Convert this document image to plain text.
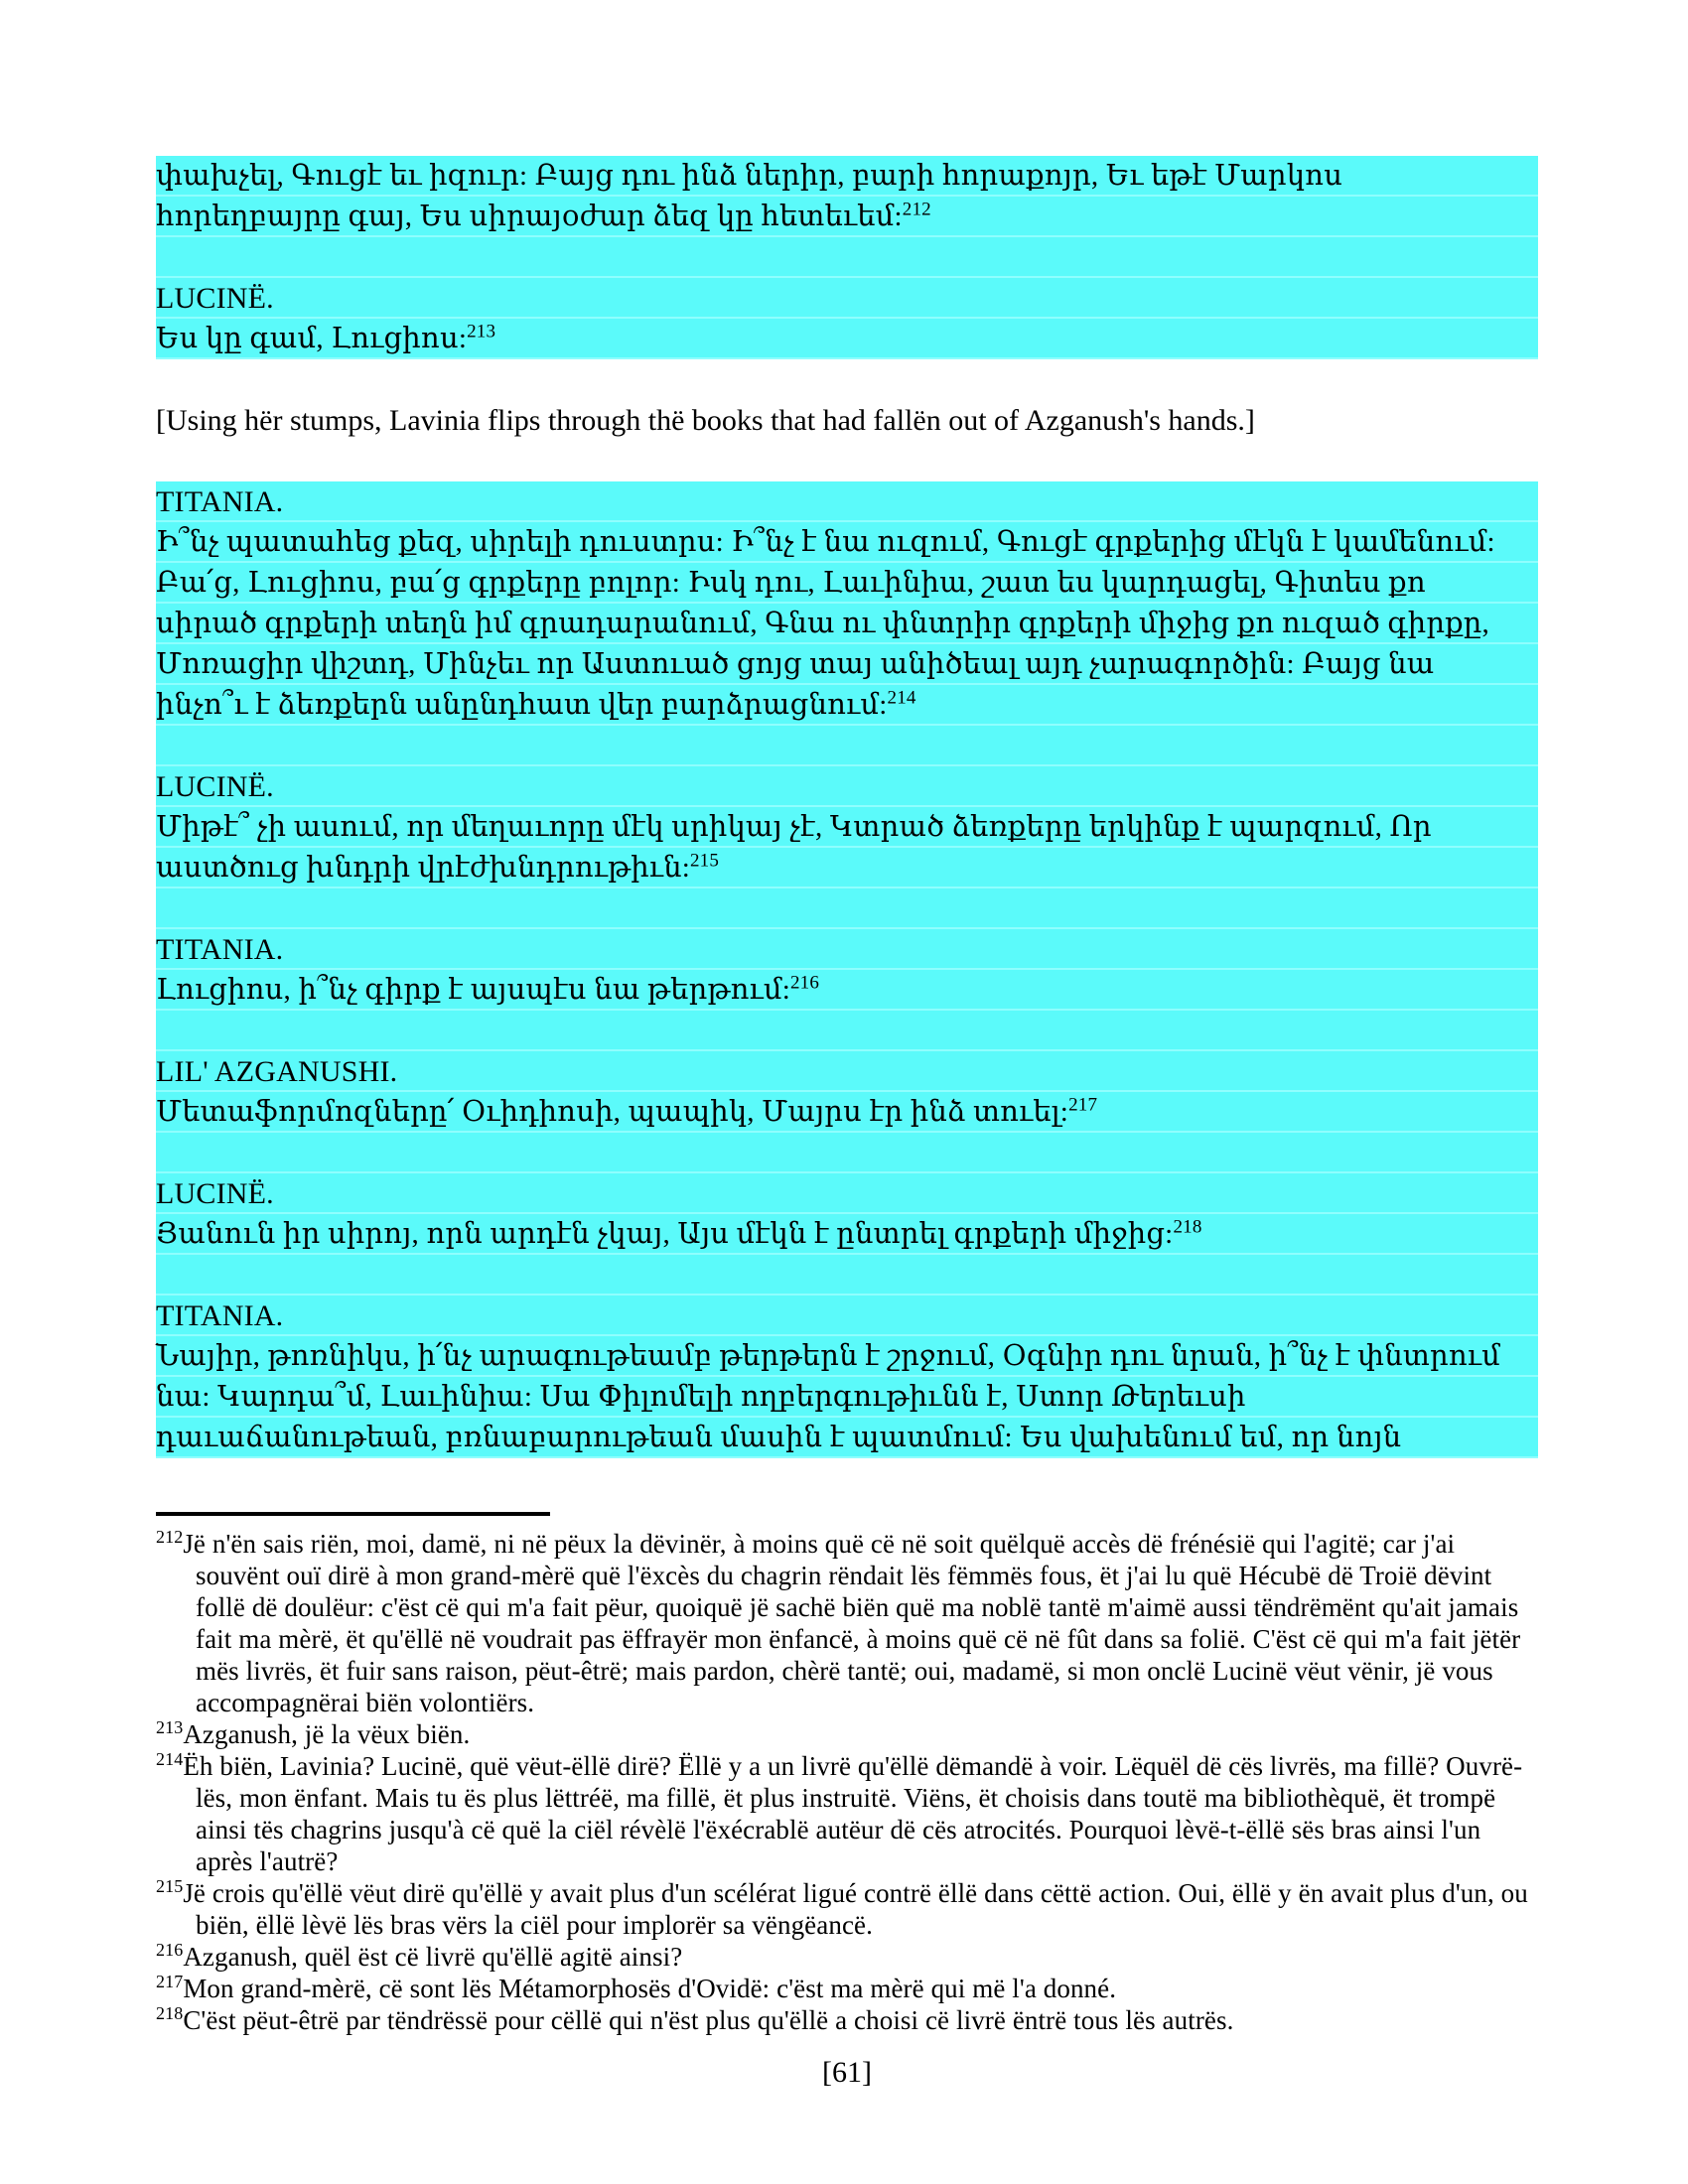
փախչել, Գուցէ եւ իզուր: Բայց դու ինձ ներիր, բարի հորաքոյր, Եւ եթէ Մարկոս
հորեղբայրը գայ, Ես սիրայօժար ձեզ կը հետեւեմ:$^{212}$
LUCINË.
Ես կը գամ, Լուցիոս:$^{213}$
[Using hër stumps, Lavinia flips through thë books that had fallën out of Azganush's hands.]
TITANIA.
Ի՞նչ պատահեց քեզ, սիրելի դուստրս: Ի՞նչ է նա ուզում, Գուցէ գրքերից մէկն է կամենում:
Բա՛ց, Լուցիոս, բա՛ց գրքերը բոլոր: Իսկ դու, Լաւինիա, շատ ես կարդացել, Գիտես քո
սիրած գրքերի տեղն իմ գրադարանում, Գնա ու փնտրիր գրքերի միջից քո ուզած գիրքը,
Մոռացիր վիշտդ, Մինչեւ որ Աստուած ցոյց տայ անիծեալ այդ չարագործին: Բայց նա
ինչո՞ւ է ձեռքերն անընդհատ վեր բարձրացնում:$^{214}$
LUCINË.
Միթէ՞ չի ասում, որ մեղաւորը մէկ սրիկայ չէ, Կտրած ձեռքերը երկինք է պարզում, Որ
աստծուց խնդրի վրէժխնդրութիւն:$^{215}$
TITANIA.
Լուցիոս, ի՞նչ գիրք է այսպէս նա թերթում:$^{216}$
LIL' AZGANUSHI.
Մետաֆորմոզները՛ Օւիդիոսի, պապիկ, Մայրս էր ինձ տուել:$^{217}$
LUCINË.
Յանուն իր սիրոյ, որն արդէն չկայ, Այս մէկն է ընտրել գրքերի միջից:$^{218}$
TITANIA.
Նայիր, թոռնիկս, ի՛նչ արագութեամբ թերթերն է շրջում, Օգնիր դու նրան, ի՞նչ է փնտրում
նա: Կարդա՞մ, Լաւինիա: Սա Փիլոմելի ողբերգութիւնն է, Ստոր Թերեւսի
դաւաճանութեան, բռնաբարութեան մասին է պատմում: Ես վախենում եմ, որ նոյն
$^{212}$Jë n'ën sais riën, moi, damë, ni në pëux la dëvinër, à moins quë cë në soit quëlquë accès dë frénésië qui l'agitë; car j'ai souvënt ouï dirë à mon grand-mèrë quë l'ëxcès du chagrin rëndait lës fëmmës fous, ët j'ai lu quë Hécubë dë Troië dëvint follë dë doulëur: c'ëst cë qui m'a fait pëur, quoiquë jë sachë biën quë ma noblë tantë m'aimë aussi tëndrëmënt qu'ait jamais fait ma mèrë, ët qu'ëllë në voudrait pas ëffrayër mon ënfancë, à moins quë cë në fût dans sa folië. C'ëst cë qui m'a fait jëtër mës livrës, ët fuir sans raison, pëut-êtrë; mais pardon, chèrë tantë; oui, madamë, si mon onclë Lucinë vëut vënir, jë vous accompagnërai biën volontiërs.
$^{213}$Azganush, jë la vëux biën.
$^{214}$Ëh biën, Lavinia? Lucinë, quë vëut-ëllë dirë? Ëllë y a un livrë qu'ëllë dëmandë à voir. Lëquël dë cës livrës, ma fillë? Ouvrë-lës, mon ënfant. Mais tu ës plus lëttréë, ma fillë, ët plus instruitë. Viëns, ët choisis dans toutë ma bibliothèquë, ët trompë ainsi tës chagrins jusqu'à cë quë la ciël révèlë l'ëxécrablë autëur dë cës atrocités. Pourquoi lèvë-t-ëllë sës bras ainsi l'un après l'autrë?
$^{215}$Jë crois qu'ëllë vëut dirë qu'ëllë y avait plus d'un scélérat ligué contrë ëllë dans cëttë action. Oui, ëllë y ën avait plus d'un, ou biën, ëllë lèvë lës bras vërs la ciël pour implorër sa vëngëancë.
$^{216}$Azganush, quël ëst cë livrë qu'ëllë agitë ainsi?
$^{217}$Mon grand-mèrë, cë sont lës Métamorphosës d'Ovidë: c'ëst ma mèrë qui më l'a donné.
$^{218}$C'ëst pëut-êtrë par tëndrëssë pour cëllë qui n'ëst plus qu'ëllë a choisi cë livrë ëntrë tous lës autrës.
[61]
